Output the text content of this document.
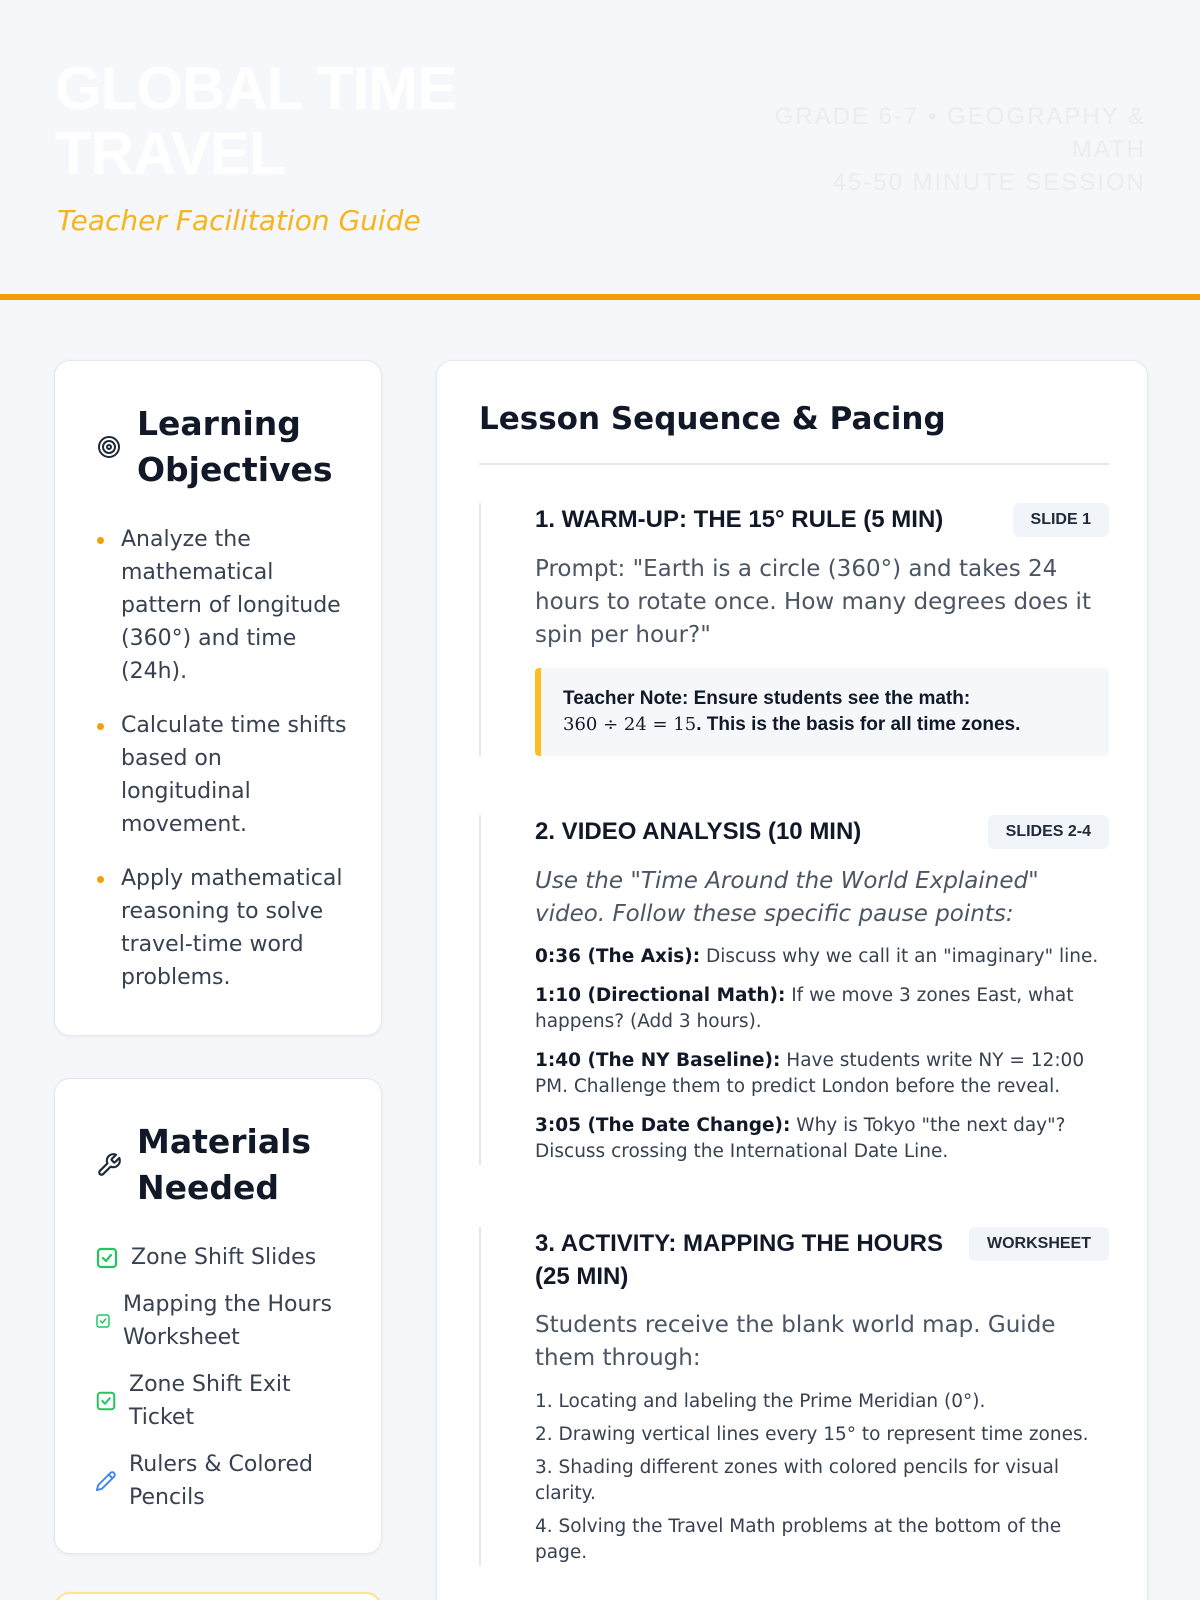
GLOBAL TIME TRAVEL
Teacher Facilitation Guide
GRADE 6-7 • GEOGRAPHY & MATH
45-50 MINUTE SESSION
Learning Objectives
Analyze the mathematical pattern of longitude (360°) and time (24h).
Calculate time shifts based on longitudinal movement.
Apply mathematical reasoning to solve travel-time word problems.
Materials Needed
Zone Shift Slides
Mapping the Hours Worksheet
Zone Shift Exit Ticket
Rulers & Colored Pencils
Lesson Sequence & Pacing
1. WARM-UP: THE 15° RULE (5 MIN)	SLIDE 1
Prompt: "Earth is a circle (360°) and takes 24 hours to rotate once. How many degrees does it spin per hour?"
Teacher Note: Ensure students see the math:
360 ÷ 24 = 15. This is the basis for all time zones.
2. VIDEO ANALYSIS (10 MIN)	SLIDES 2-4
Use the "Time Around the World Explained" video. Follow these specific pause points:
0:36 (The Axis): Discuss why we call it an "imaginary" line.
1:10 (Directional Math): If we move 3 zones East, what happens? (Add 3 hours).
1:40 (The NY Baseline): Have students write NY = 12:00 PM. Challenge them to predict London before the reveal.
3:05 (The Date Change): Why is Tokyo "the next day"? Discuss crossing the International Date Line.
3. ACTIVITY: MAPPING THE HOURS (25 MIN)
WORKSHEET
Students receive the blank world map. Guide them through:
1. Locating and labeling the Prime Meridian (0°).
2. Drawing vertical lines every 15° to represent time zones.
3. Shading different zones with colored pencils for visual clarity.
4. Solving the Travel Math problems at the bottom of the page.
